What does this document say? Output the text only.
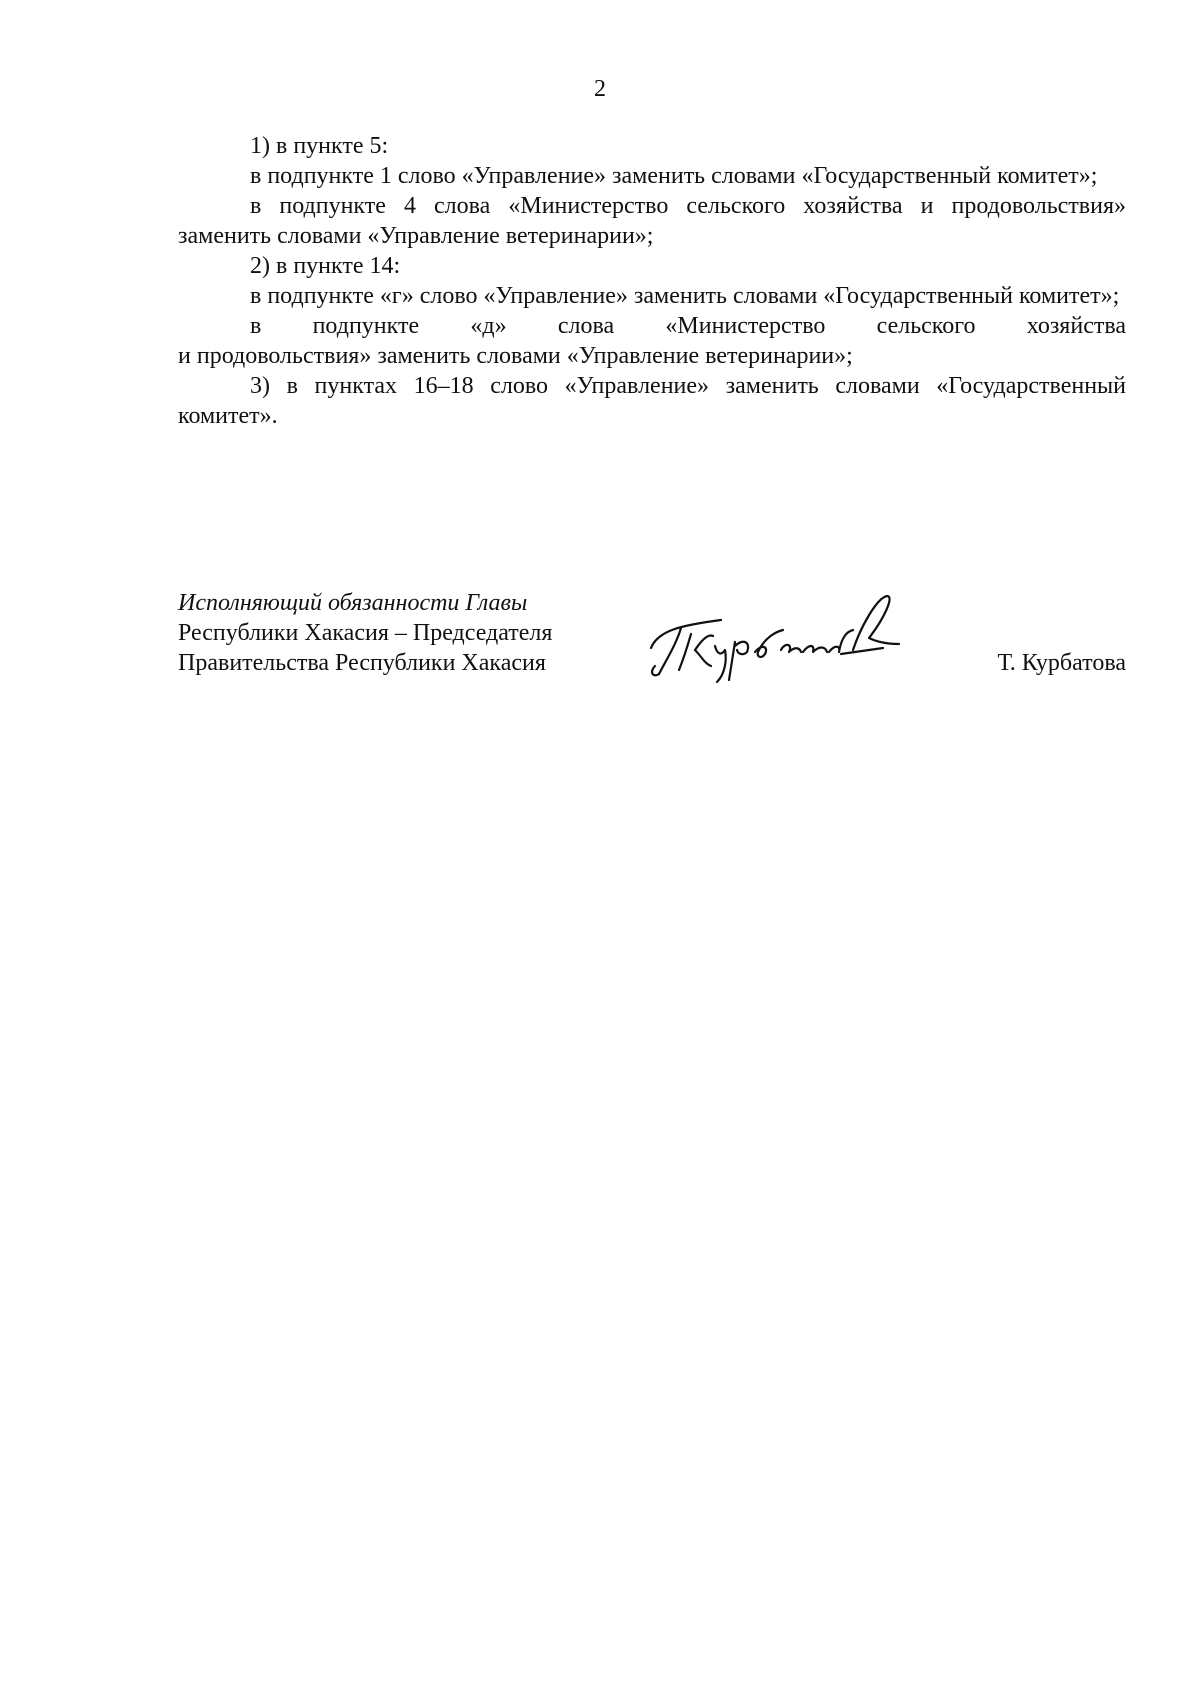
2

1) в пункте 5:

в подпункте 1 слово «Управление» заменить словами «Государственный комитет»;

в подпункте 4 слова «Министерство сельского хозяйства и продовольствия» заменить словами «Управление ветеринарии»;

2) в пункте 14:

в подпункте «г» слово «Управление» заменить словами «Государственный комитет»;

в подпункте «д» слова «Министерство сельского хозяйства

и продовольствия» заменить словами «Управление ветеринарии»;

3) в пунктах 16–18 слово «Управление» заменить словами «Государственный комитет».

Исполняющий обязанности Главы
Республики Хакасия – Председателя
Правительства Республики Хакасия	Т. Курбатова
